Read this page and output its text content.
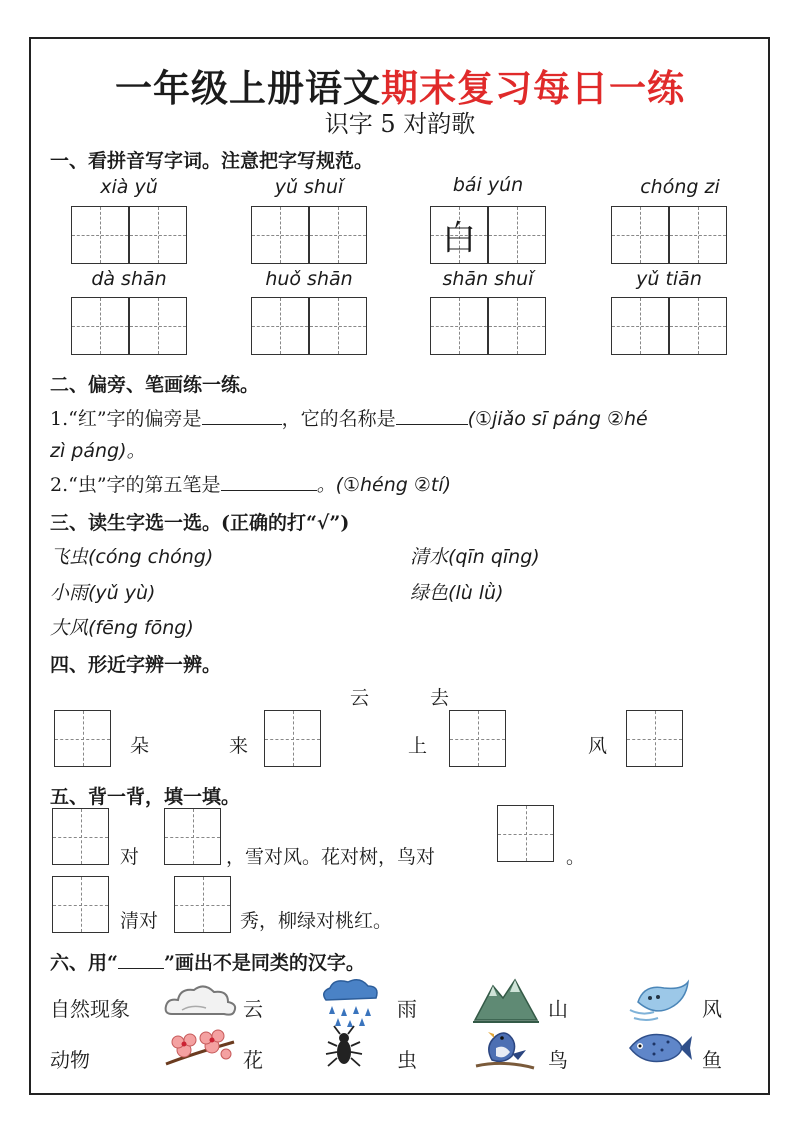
一年级上册语文期末复习每日一练
识字 5 对韵歌
一、看拼音写字词。注意把字写规范。
xià yǔ	yǔ shuǐ	bái yún	chóng zi
白
dà shān	huǒ shān	shān shuǐ	yǔ tiān
二、偏旁、笔画练一练。
1.“红”字的偏旁是	，它的名称是	(①jiǎo sī páng ②hé
zì páng)。
2.“虫”字的第五笔是	。(①héng ②tí)
三、读生字选一选。(正确的打“√”)
飞虫(cóng chóng)	清水(qīn qīng)
小雨(yǔ yù)	绿色(lù lǜ)
大风(fēng fōng)
四、形近字辨一辨。
云	去
朵	来	上	风
五、背一背，填一填。
对	，雪对风。花对树，鸟对	。
清对	秀，柳绿对桃红。
六、用“ ”画出不是同类的汉字。
自然现象	云	雨	山	风
动物	花	虫	鸟	鱼
